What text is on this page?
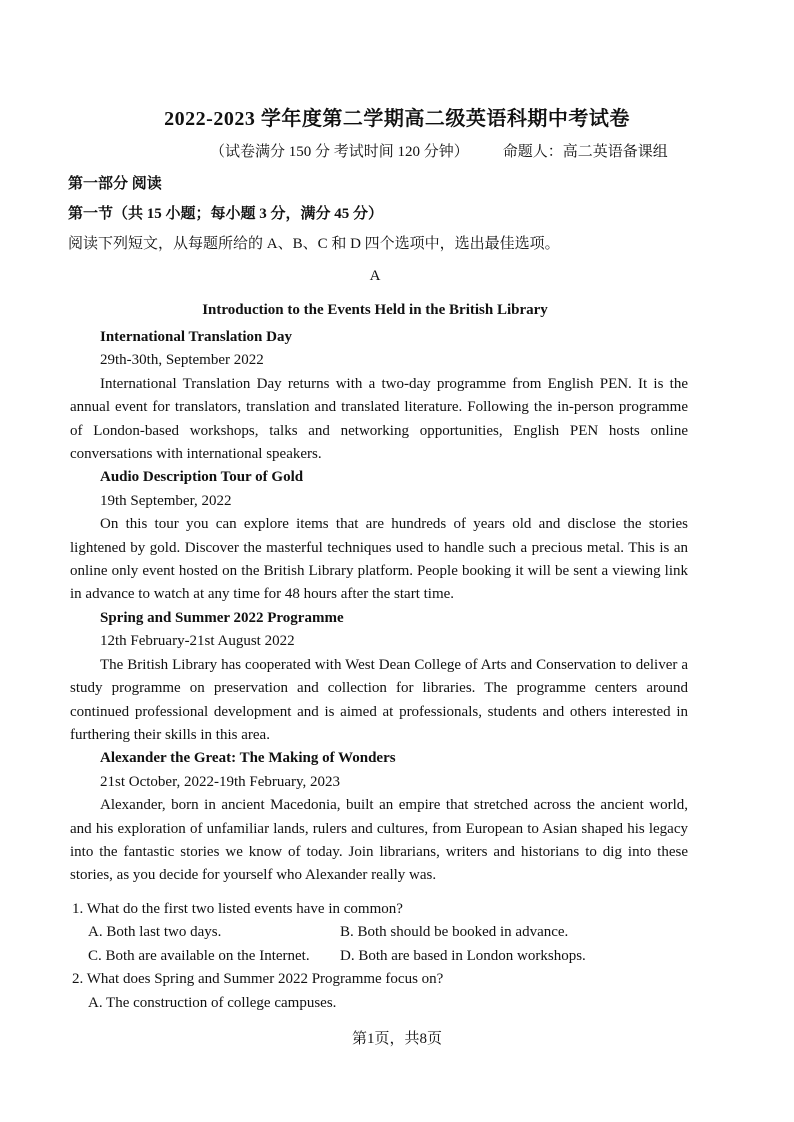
2022-2023 学年度第二学期高二级英语科期中考试卷
（试卷满分 150 分 考试时间 120 分钟） 命题人：高二英语备课组
第一部分 阅读
第一节（共 15 小题；每小题 3 分，满分 45 分）
阅读下列短文，从每题所给的 A、B、C 和 D 四个选项中，选出最佳选项。
A
Introduction to the Events Held in the British Library
International Translation Day
29th-30th, September 2022
International Translation Day returns with a two-day programme from English PEN. It is the annual event for translators, translation and translated literature. Following the in-person programme of London-based workshops, talks and networking opportunities, English PEN hosts online conversations with international speakers.
Audio Description Tour of Gold
19th September, 2022
On this tour you can explore items that are hundreds of years old and disclose the stories lightened by gold. Discover the masterful techniques used to handle such a precious metal. This is an online only event hosted on the British Library platform. People booking it will be sent a viewing link in advance to watch at any time for 48 hours after the start time.
Spring and Summer 2022 Programme
12th February-21st August 2022
The British Library has cooperated with West Dean College of Arts and Conservation to deliver a study programme on preservation and collection for libraries. The programme centers around continued professional development and is aimed at professionals, students and others interested in furthering their skills in this area.
Alexander the Great: The Making of Wonders
21st October, 2022-19th February, 2023
Alexander, born in ancient Macedonia, built an empire that stretched across the ancient world, and his exploration of unfamiliar lands, rulers and cultures, from European to Asian shaped his legacy into the fantastic stories we know of today. Join librarians, writers and historians to dig into these stories, as you decide for yourself who Alexander really was.
1. What do the first two listed events have in common?
A. Both last two days.	B. Both should be booked in advance.
C. Both are available on the Internet.	D. Both are based in London workshops.
2. What does Spring and Summer 2022 Programme focus on?
A. The construction of college campuses.
第1页，共8页
